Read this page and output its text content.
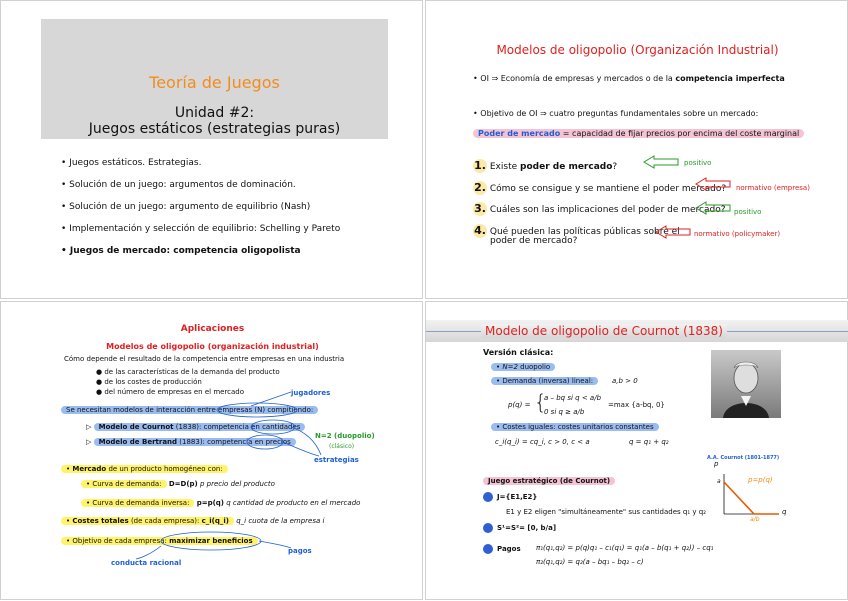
Teoría de Juegos
Unidad #2:
Juegos estáticos (estrategias puras)
• Juegos estáticos. Estrategias.
• Solución de un juego: argumentos de dominación.
• Solución de un juego: argumento de equilibrio (Nash)
• Implementación y selección de equilibrio: Schelling y Pareto
• Juegos de mercado: competencia oligopolista
Modelos de oligopolio (Organización Industrial)
• OI ⇒ Economía de empresas y mercados o de la competencia imperfecta
• Objetivo de OI ⇒ cuatro preguntas fundamentales sobre un mercado:
Poder de mercado = capacidad de fijar precios por encima del coste marginal
1. Existe poder de mercado?
2. Cómo se consigue y se mantiene el poder mercado?
3. Cuáles son las implicaciones del poder de mercado?
4. Qué pueden las políticas públicas sobre el
poder de mercado?
positivo
normativo (empresa)
positivo
normativo (policymaker)
Aplicaciones
Modelos de oligopolio (organización industrial)
Cómo depende el resultado de la competencia entre empresas en una industria
● de las características de la demanda del producto
● de los costes de producción
● del número de empresas en el mercado	jugadores
Se necesitan modelos de interacción entre empresas (N) compitiendo:
▷ Modelo de Cournot (1838): competencia en cantidades
▷ Modelo de Bertrand (1883): competencia en precios
N=2 (duopolio)
(clásico)
estrategias
• Mercado de un producto homogéneo con:
• Curva de demanda: D=D(p) p precio del producto
• Curva de demanda inversa: p=p(q) q cantidad de producto en el mercado
• Costes totales (de cada empresa): c_i(q_i) q_i cuota de la empresa i
• Objetivo de cada empresa: maximizar beneficios
pagos
conducta racional
Modelo de oligopolio de Cournot (1838)
Versión clásica:
• N=2 duopolio
• Demanda (inversa) lineal:	a,b > 0
p(q) = {
a – bq si q < a/b
0 si q ≥ a/b
=max {a-bq, 0}
• Costes iguales: costes unitarios constantes
c_i(q_i) = cq_i, c > 0, c < a	q = q₁ + q₂
A.A. Cournot (1801-1877)
Juego estratégico (de Cournot)
J={E1,E2}
E1 y E2 eligen "simultáneamente" sus cantidades q₁ y q₂
S¹=S²= [0, b/a]
Pagos π₁(q₁,q₂) = p(q)q₁ – c₁(q₁) = q₁(a – b(q₁ + q₂)) – cq₁
π₂(q₁,q₂) = q₂(a – bq₁ – bq₂ – c)
p
q
p=p(q)
a
a/b
